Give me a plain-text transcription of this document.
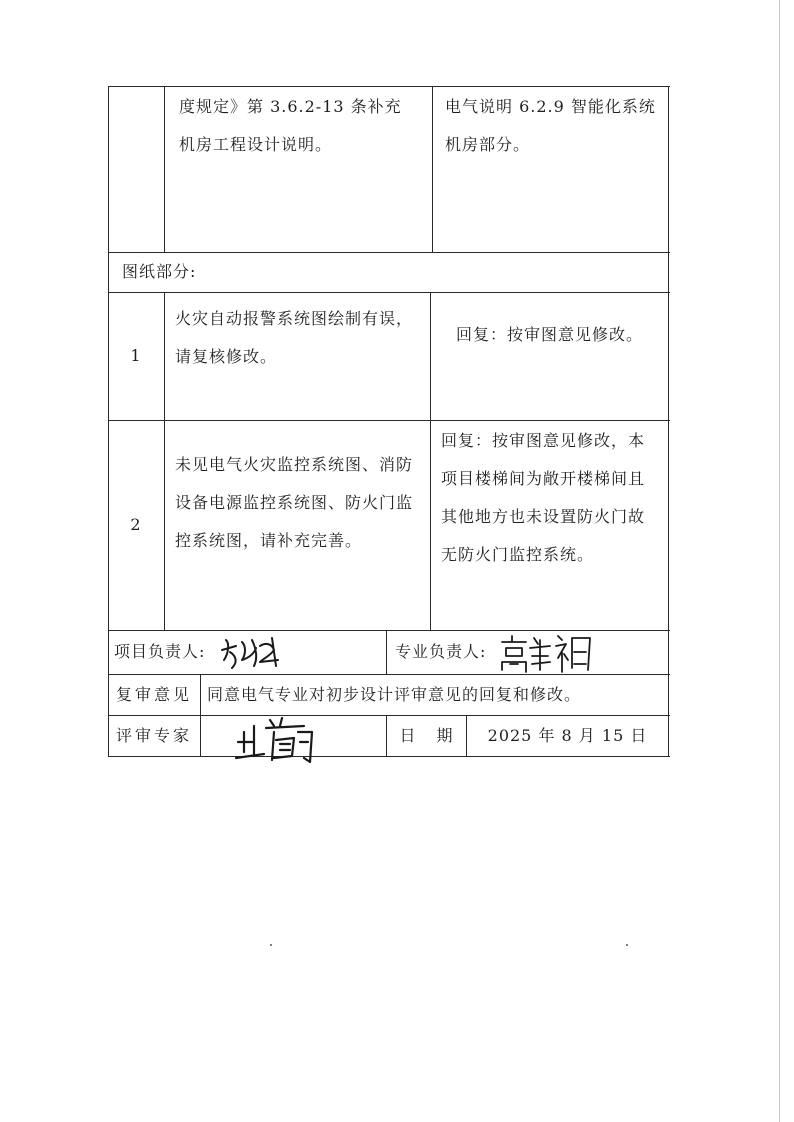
度规定》第 3.6.2-13 条补充机房工程设计说明。
电气说明 6.2.9 智能化系统机房部分。
图纸部分:
1
火灾自动报警系统图绘制有误，请复核修改。
回复：按审图意见修改。
2
未见电气火灾监控系统图、消防设备电源监控系统图、防火门监控系统图，请补充完善。
回复：按审图意见修改，本项目楼梯间为敞开楼梯间且其他地方也未设置防火门故无防火门监控系统。
项目负责人:	专业负责人:
复审意见 同意电气专业对初步设计评审意见的回复和修改。
评审专家	日 期 2025 年 8 月 15 日
